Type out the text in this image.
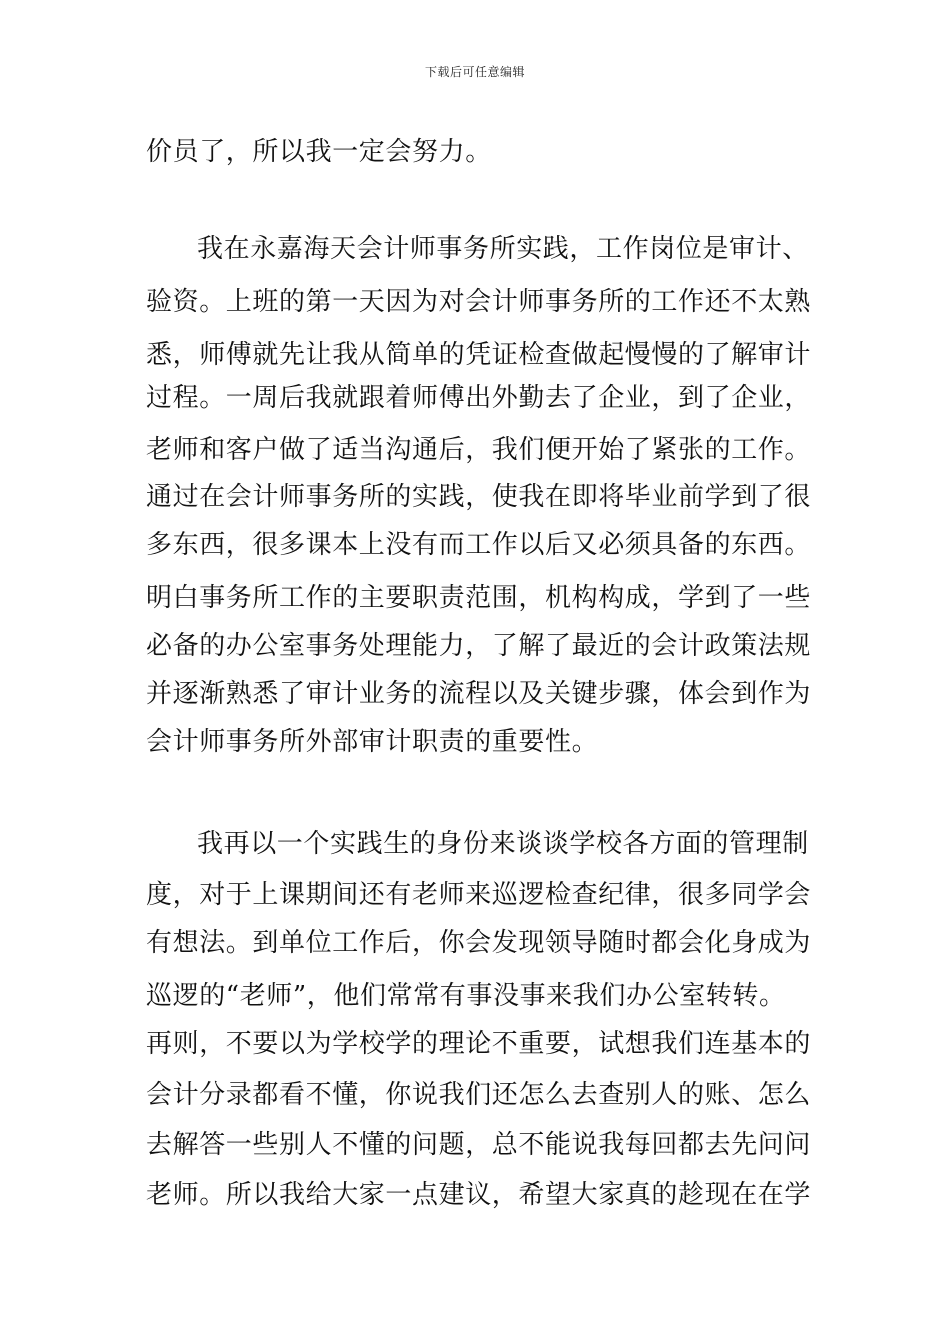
下载后可任意编辑
价员了，所以我一定会努力。
我在永嘉海天会计师事务所实践，工作岗位是审计、
验资。上班的第一天因为对会计师事务所的工作还不太熟
悉，师傅就先让我从简单的凭证检查做起慢慢的了解审计
过程。一周后我就跟着师傅出外勤去了企业，到了企业，
老师和客户做了适当沟通后，我们便开始了紧张的工作。
通过在会计师事务所的实践，使我在即将毕业前学到了很
多东西，很多课本上没有而工作以后又必须具备的东西。
明白事务所工作的主要职责范围，机构构成，学到了一些
必备的办公室事务处理能力，了解了最近的会计政策法规
并逐渐熟悉了审计业务的流程以及关键步骤，体会到作为
会计师事务所外部审计职责的重要性。
我再以一个实践生的身份来谈谈学校各方面的管理制
度，对于上课期间还有老师来巡逻检查纪律，很多同学会
有想法。到单位工作后，你会发现领导随时都会化身成为
巡逻的“老师”，他们常常有事没事来我们办公室转转。
再则，不要以为学校学的理论不重要，试想我们连基本的
会计分录都看不懂，你说我们还怎么去查别人的账、怎么
去解答一些别人不懂的问题，总不能说我每回都去先问问
老师。所以我给大家一点建议，希望大家真的趁现在在学
